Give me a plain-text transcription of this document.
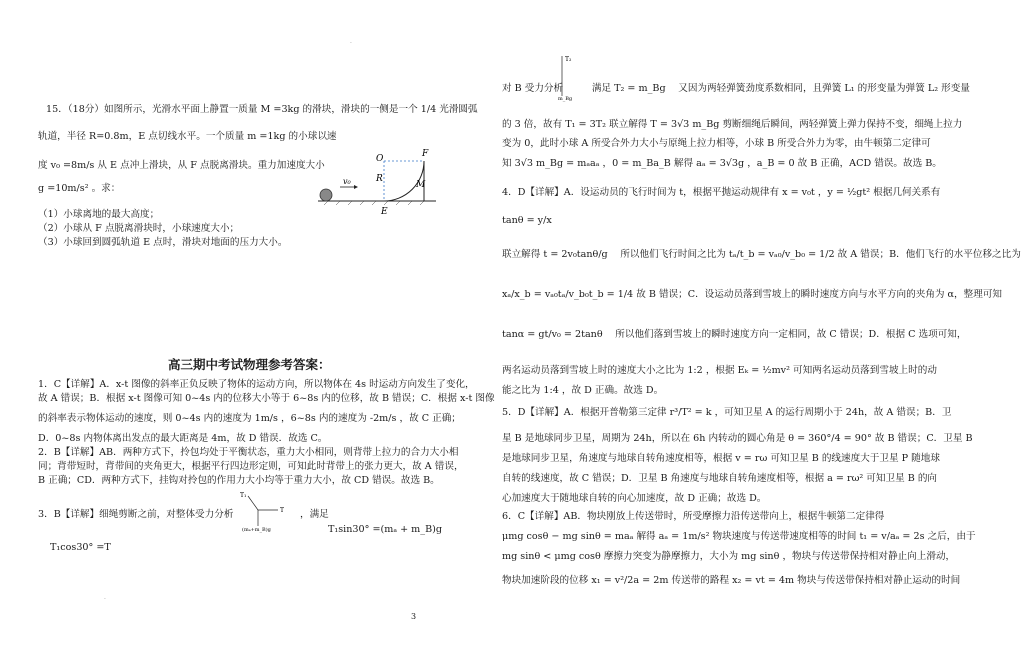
·
·
15．（18分）如图所示，光滑水平面上静置一质量 M =3kg 的滑块，滑块的一侧是一个 1/4 光滑圆弧
轨道，半径 R=0.8m，E 点切线水平。一个质量 m =1kg 的小球以速
度 v₀ =8m/s 从 E 点冲上滑块，从 F 点脱离滑块。重力加速度大小
g =10m/s² 。求：
（1）小球离地的最大高度；
（2）小球从 F 点脱离滑块时，小球速度大小；
（3）小球回到圆弧轨道 E 点时，滑块对地面的压力大小。
高三期中考试物理参考答案：
1．C【详解】A．x-t 图像的斜率正负反映了物体的运动方向，所以物体在 4s 时运动方向发生了变化，
故 A 错误；B．根据 x-t 图像可知 0~4s 内的位移大小等于 6~8s 内的位移，故 B 错误；C．根据 x-t 图像
的斜率表示物体运动的速度，则 0~4s 内的速度为 1m/s ，6~8s 内的速度为 -2m/s ，故 C 正确；
D．0~8s 内物体离出发点的最大距离是 4m，故 D 错误．故选 C。
2．B【详解】AB．两种方式下，拎包均处于平衡状态，重力大小相同，则背带上拉力的合力大小相
同；背带短时，背带间的夹角更大，根据平行四边形定则，可知此时背带上的张力更大，故 A 错误，
B 正确；CD．两种方式下，挂钩对拎包的作用力大小均等于重力大小，故 CD 错误。故选 B。
3．B【详解】细绳剪断之前，对整体受力分析	，满足
T₁sin30° =(mₐ + m_B)g
T₁cos30° =T
O	F
R
M
E
v₀
T₁
T
(mₐ+m_B)g
T₂
m_Bg
对 B 受力分析　　　满足 T₂ = m_Bg 　又因为两轻弹簧劲度系数相同，且弹簧 L₁ 的形变量为弹簧 L₂ 形变量
的 3 倍，故有 T₁ = 3T₂ 联立解得 T = 3√3 m_Bg 剪断细绳后瞬间，两轻弹簧上弹力保持不变，细绳上拉力
变为 0，此时小球 A 所受合外力大小与原绳上拉力相等，小球 B 所受合外力为零，由牛顿第二定律可
知 3√3 m_Bg = mₐaₐ ，0 = m_Ba_B 解得 aₐ = 3√3g ，a_B = 0 故 B 正确，ACD 错误。故选 B。
4．D【详解】A．设运动员的飞行时间为 t，根据平抛运动规律有 x = v₀t ，y = ½gt² 根据几何关系有
tanθ = y/x
联立解得 t = 2v₀tanθ/g 　所以他们飞行时间之比为 tₐ/t_b = vₐ₀/v_b₀ = 1/2 故 A 错误；B．他们飞行的水平位移之比为
xₐ/x_b = vₐ₀tₐ/v_b₀t_b = 1/4 故 B 错误；C．设运动员落到雪坡上的瞬时速度方向与水平方向的夹角为 α，整理可知
tanα = gt/v₀ = 2tanθ 　所以他们落到雪坡上的瞬时速度方向一定相同，故 C 错误；D．根据 C 选项可知，
两名运动员落到雪坡上时的速度大小之比为 1:2 ，根据 Eₖ = ½mv² 可知两名运动员落到雪坡上时的动
能之比为 1:4 ，故 D 正确。故选 D。
5．D【详解】A．根据开普勒第三定律 r³/T² = k ，可知卫星 A 的运行周期小于 24h，故 A 错误；B．卫
星 B 是地球同步卫星，周期为 24h，所以在 6h 内转动的圆心角是 θ = 360°/4 = 90° 故 B 错误；C．卫星 B
是地球同步卫星，角速度与地球自转角速度相等，根据 v = rω 可知卫星 B 的线速度大于卫星 P 随地球
自转的线速度，故 C 错误；D．卫星 B 角速度与地球自转角速度相等，根据 a = rω² 可知卫星 B 的向
心加速度大于随地球自转的向心加速度，故 D 正确；故选 D。
6．C【详解】AB．物块刚放上传送带时，所受摩擦力沿传送带向上，根据牛顿第二定律得
μmg cosθ − mg sinθ = maₐ 解得 aₐ = 1m/s² 物块速度与传送带速度相等的时间 t₁ = v/aₐ = 2s 之后，由于
mg sinθ < μmg cosθ 摩擦力突变为静摩擦力，大小为 mg sinθ ，物块与传送带保持相对静止向上滑动，
物块加速阶段的位移 x₁ = v²/2a = 2m 传送带的路程 x₂ = vt = 4m 物块与传送带保持相对静止运动的时间
3
